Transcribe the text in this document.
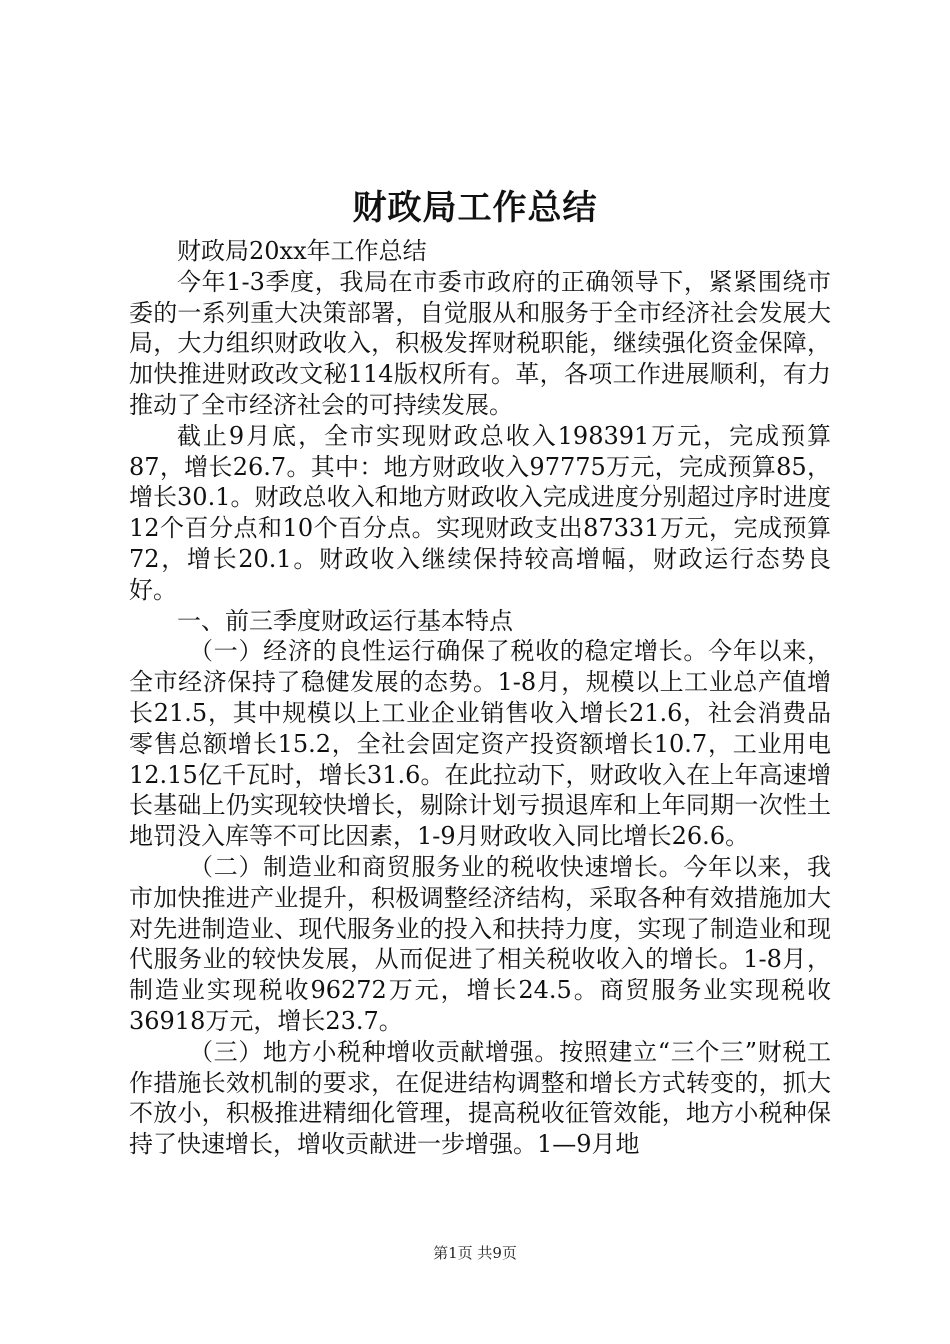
财政局工作总结

财政局20xx年工作总结

今年1-3季度，我局在市委市政府的正确领导下，紧紧围绕市委的一系列重大决策部署，自觉服从和服务于全市经济社会发展大局，大力组织财政收入，积极发挥财税职能，继续强化资金保障，加快推进财政改文秘114版权所有。革，各项工作进展顺利，有力推动了全市经济社会的可持续发展。

截止9月底，全市实现财政总收入198391万元，完成预算87，增长26.7。其中：地方财政收入97775万元，完成预算85，增长30.1。财政总收入和地方财政收入完成进度分别超过序时进度12个百分点和10个百分点。实现财政支出87331万元，完成预算72，增长20.1。财政收入继续保持较高增幅，财政运行态势良好。

一、前三季度财政运行基本特点

（一）经济的良性运行确保了税收的稳定增长。今年以来，全市经济保持了稳健发展的态势。1-8月，规模以上工业总产值增长21.5，其中规模以上工业企业销售收入增长21.6，社会消费品零售总额增长15.2，全社会固定资产投资额增长10.7，工业用电12.15亿千瓦时，增长31.6。在此拉动下，财政收入在上年高速增长基础上仍实现较快增长，剔除计划亏损退库和上年同期一次性土地罚没入库等不可比因素，1-9月财政收入同比增长26.6。

（二）制造业和商贸服务业的税收快速增长。今年以来，我市加快推进产业提升，积极调整经济结构，采取各种有效措施加大对先进制造业、现代服务业的投入和扶持力度，实现了制造业和现代服务业的较快发展，从而促进了相关税收收入的增长。1-8月，制造业实现税收96272万元，增长24.5。商贸服务业实现税收36918万元，增长23.7。

（三）地方小税种增收贡献增强。按照建立“三个三”财税工作措施长效机制的要求，在促进结构调整和增长方式转变的，抓大不放小，积极推进精细化管理，提高税收征管效能，地方小税种保持了快速增长，增收贡献进一步增强。1—9月地

第1页 共9页
